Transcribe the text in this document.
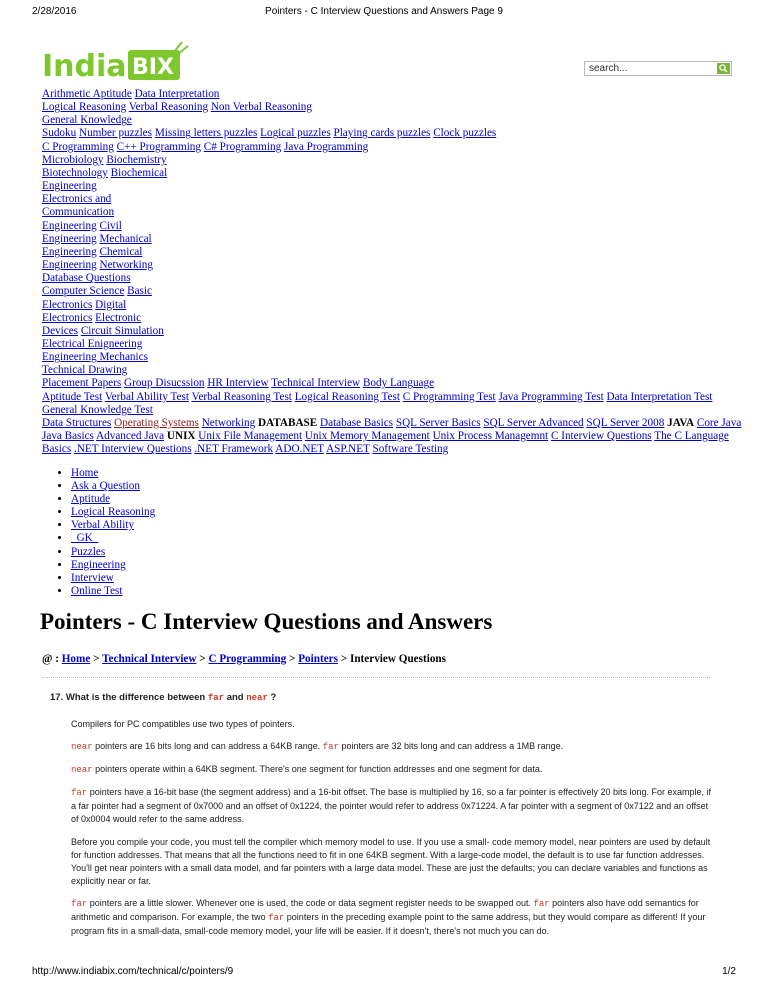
2/28/2016	Pointers - C Interview Questions and Answers Page 9
India BIX	search...
Arithmetic Aptitude Data Interpretation
Logical Reasoning Verbal Reasoning Non Verbal Reasoning
General Knowledge
Sudoku Number puzzles Missing letters puzzles Logical puzzles Playing cards puzzles Clock puzzles
C Programming C++ Programming C# Programming Java Programming
Microbiology Biochemistry
Biotechnology Biochemical
Engineering
Electronics and
Communication
Engineering Civil
Engineering Mechanical
Engineering Chemical
Engineering Networking
Database Questions
Computer Science Basic
Electronics Digital
Electronics Electronic
Devices Circuit Simulation
Electrical Enigneering
Engineering Mechanics
Technical Drawing
Placement Papers Group Disucssion HR Interview Technical Interview Body Language
Aptitude Test Verbal Ability Test Verbal Reasoning Test Logical Reasoning Test C Programming Test Java Programming Test Data Interpretation Test General Knowledge Test
Data Structures Operating Systems Networking DATABASE Database Basics SQL Server Basics SQL Server Advanced SQL Server 2008 JAVA Core Java Java Basics Advanced Java UNIX Unix File Management Unix Memory Management Unix Process Managemnt C Interview Questions The C Language Basics .NET Interview Questions .NET Framework ADO.NET ASP.NET Software Testing
• Home
• Ask a Question
• Aptitude
• Logical Reasoning
• Verbal Ability
•   GK
• Puzzles
• Engineering
• Interview
• Online Test
Pointers - C Interview Questions and Answers
@ : Home > Technical Interview > C Programming > Pointers > Interview Questions
17. What is the difference between far and near ?

Compilers for PC compatibles use two types of pointers.

near pointers are 16 bits long and can address a 64KB range. far pointers are 32 bits long and can address a 1MB range.

near pointers operate within a 64KB segment. There's one segment for function addresses and one segment for data.

far pointers have a 16-bit base (the segment address) and a 16-bit offset. The base is multiplied by 16, so a far pointer is effectively 20 bits long. For example, if a far pointer had a segment of 0x7000 and an offset of 0x1224, the pointer would refer to address 0x71224. A far pointer with a segment of 0x7122 and an offset of 0x0004 would refer to the same address.

Before you compile your code, you must tell the compiler which memory model to use. If you use a small- code memory model, near pointers are used by default for function addresses. That means that all the functions need to fit in one 64KB segment. With a large-code model, the default is to use far function addresses. You'll get near pointers with a small data model, and far pointers with a large data model. These are just the defaults; you can declare variables and functions as explicitly near or far.

far pointers are a little slower. Whenever one is used, the code or data segment register needs to be swapped out. far pointers also have odd semantics for arithmetic and comparison. For example, the two far pointers in the preceding example point to the same address, but they would compare as different! If your program fits in a small-data, small-code memory model, your life will be easier. If it doesn't, there's not much you can do.

http://www.indiabix.com/technical/c/pointers/9	1/2
